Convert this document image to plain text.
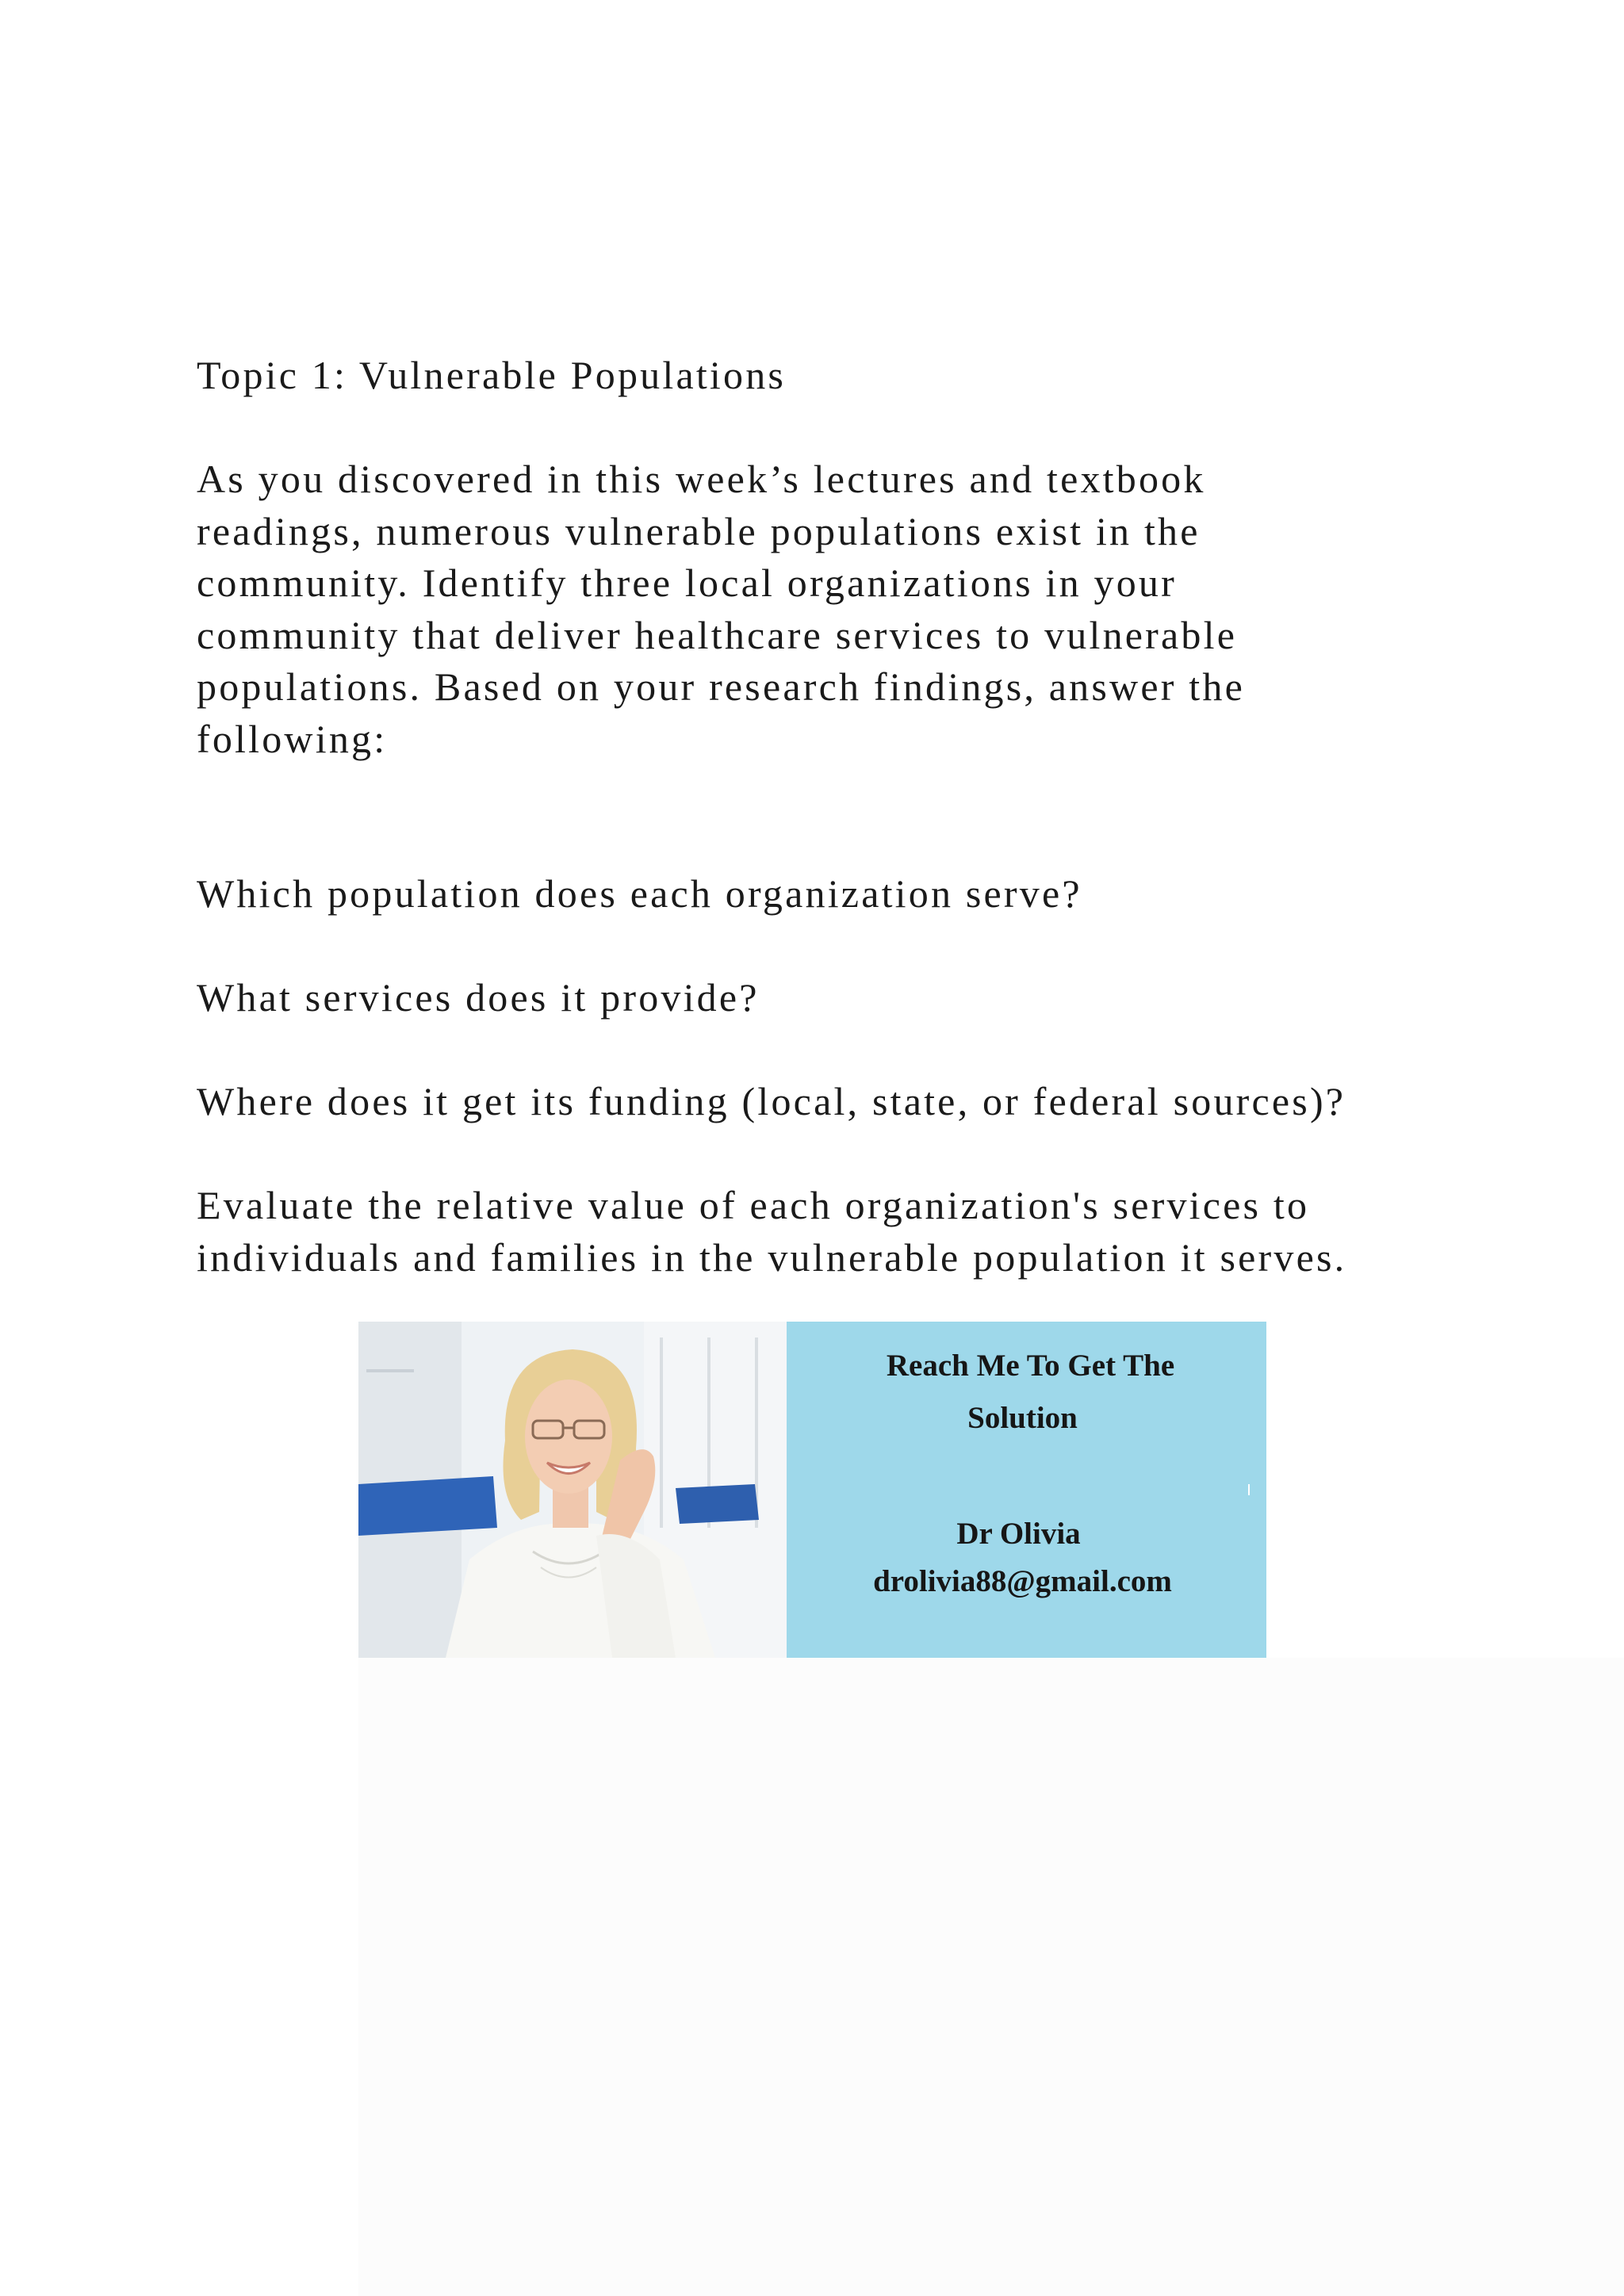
Topic 1: Vulnerable Populations
As you discovered in this week’s lectures and textbook
readings, numerous vulnerable populations exist in the
community. Identify three local organizations in your
community that deliver healthcare services to vulnerable
populations. Based on your research findings, answer the
following:
Which population does each organization serve?
What services does it provide?
Where does it get its funding (local, state, or federal sources)?
Evaluate the relative value of each organization's services to
individuals and families in the vulnerable population it serves.
Reach Me To Get The
Solution
Dr Olivia
drolivia88@gmail.com
